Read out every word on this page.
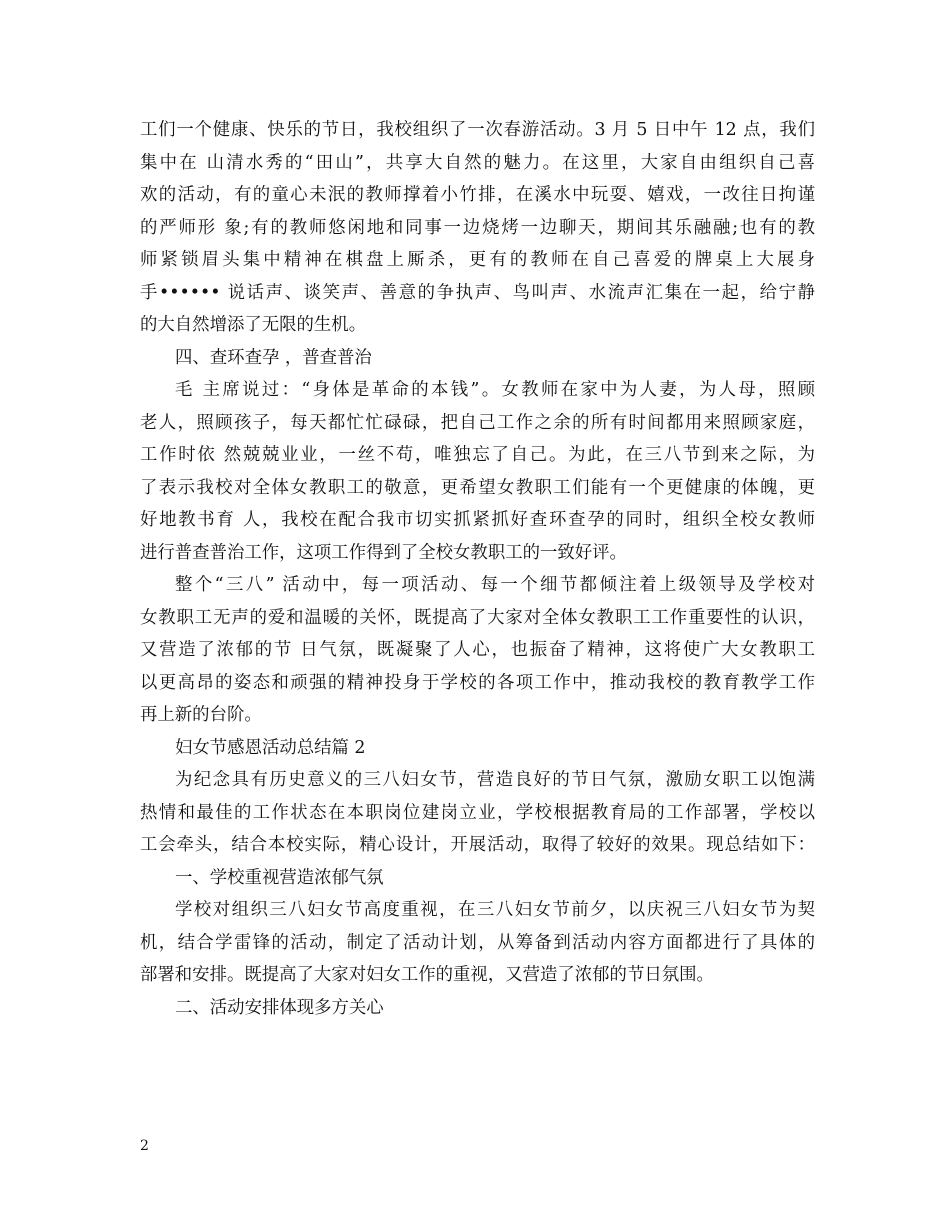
工们一个健康、快乐的节日，我校组织了一次春游活动。3 月 5 日中午 12 点，我们
集中在 山清水秀的“田山”，共享大自然的魅力。在这里，大家自由组织自己喜
欢的活动，有的童心未泯的教师撑着小竹排，在溪水中玩耍、嬉戏，一改往日拘谨
的严师形 象;有的教师悠闲地和同事一边烧烤一边聊天，期间其乐融融;也有的教
师紧锁眉头集中精神在棋盘上厮杀，更有的教师在自己喜爱的牌桌上大展身
手•••••• 说话声、谈笑声、善意的争执声、鸟叫声、水流声汇集在一起，给宁静
的大自然增添了无限的生机。
四、查环查孕 ，普查普治
毛 主席说过：“身体是革命的本钱”。女教师在家中为人妻，为人母，照顾
老人，照顾孩子，每天都忙忙碌碌，把自己工作之余的所有时间都用来照顾家庭，
工作时依 然兢兢业业，一丝不苟，唯独忘了自己。为此，在三八节到来之际，为
了表示我校对全体女教职工的敬意，更希望女教职工们能有一个更健康的体魄，更
好地教书育 人，我校在配合我市切实抓紧抓好查环查孕的同时，组织全校女教师
进行普查普治工作，这项工作得到了全校女教职工的一致好评。
整个“三八” 活动中，每一项活动、每一个细节都倾注着上级领导及学校对
女教职工无声的爱和温暖的关怀，既提高了大家对全体女教职工工作重要性的认识，
又营造了浓郁的节 日气氛，既凝聚了人心，也振奋了精神，这将使广大女教职工
以更高昂的姿态和顽强的精神投身于学校的各项工作中，推动我校的教育教学工作
再上新的台阶。
妇女节感恩活动总结篇 2
为纪念具有历史意义的三八妇女节，营造良好的节日气氛，激励女职工以饱满
热情和最佳的工作状态在本职岗位建岗立业，学校根据教育局的工作部署，学校以
工会牵头，结合本校实际，精心设计，开展活动，取得了较好的效果。现总结如下：
一、学校重视营造浓郁气氛
学校对组织三八妇女节高度重视，在三八妇女节前夕，以庆祝三八妇女节为契
机，结合学雷锋的活动，制定了活动计划，从筹备到活动内容方面都进行了具体的
部署和安排。既提高了大家对妇女工作的重视，又营造了浓郁的节日氛围。
二、活动安排体现多方关心
2
